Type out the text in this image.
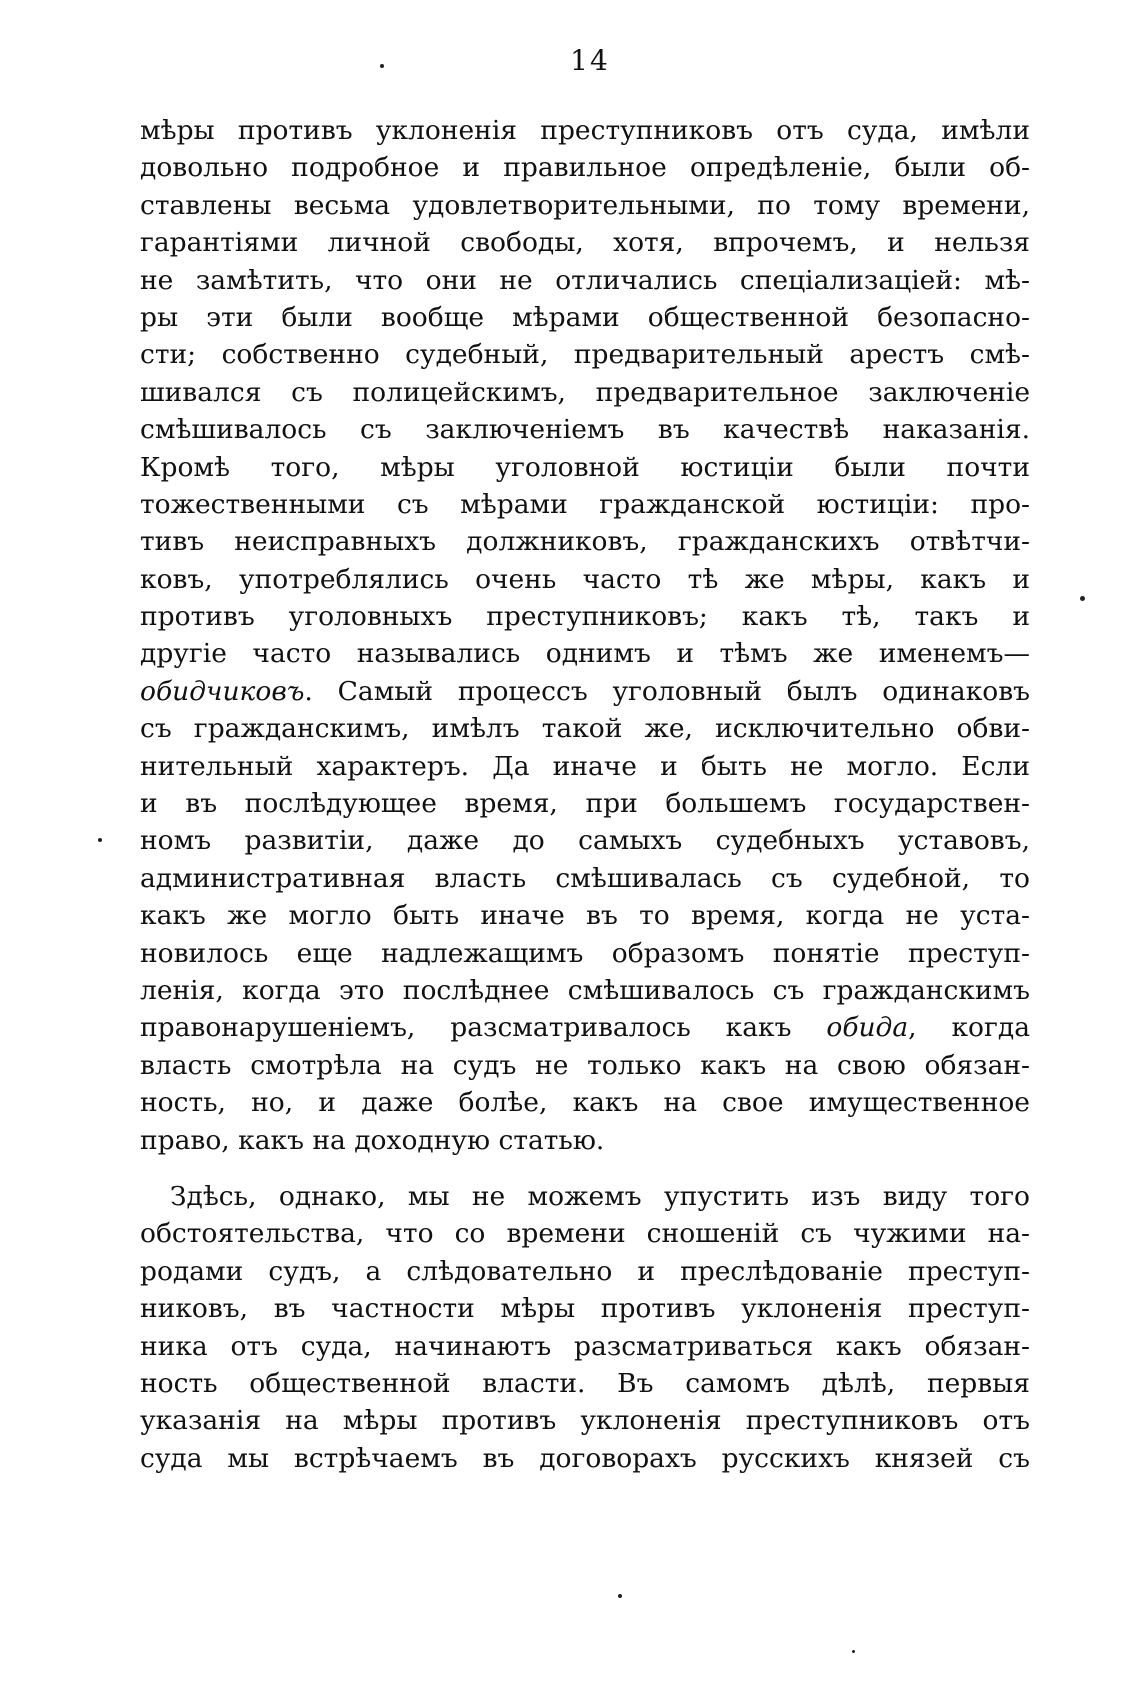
14
мѣры противъ уклоненія преступниковъ отъ суда, имѣли
довольно подробное и правильное опредѣленіе, были об-
ставлены весьма удовлетворительными, по тому времени,
гарантіями личной свободы, хотя, впрочемъ, и нельзя
не замѣтить, что они не отличались спеціализаціей: мѣ-
ры эти были вообще мѣрами общественной безопасно-
сти; собственно судебный, предварительный арестъ смѣ-
шивался съ полицейскимъ, предварительное заключеніе
смѣшивалось съ заключеніемъ въ качествѣ наказанія.
Кромѣ того, мѣры уголовной юстиціи были почти
тожественными съ мѣрами гражданской юстиціи: про-
тивъ неисправныхъ должниковъ, гражданскихъ отвѣтчи-
ковъ, употреблялись очень часто тѣ же мѣры, какъ и
противъ уголовныхъ преступниковъ; какъ тѣ, такъ и
другіе часто назывались однимъ и тѣмъ же именемъ—
обидчиковъ. Самый процессъ уголовный былъ одинаковъ
съ гражданскимъ, имѣлъ такой же, исключительно обви-
нительный характеръ. Да иначе и быть не могло. Если
и въ послѣдующее время, при большемъ государствен-
номъ развитіи, даже до самыхъ судебныхъ уставовъ,
административная власть смѣшивалась съ судебной, то
какъ же могло быть иначе въ то время, когда не уста-
новилось еще надлежащимъ образомъ понятіе преступ-
ленія, когда это послѣднее смѣшивалось съ гражданскимъ
правонарушеніемъ, разсматривалось какъ обида, когда
власть смотрѣла на судъ не только какъ на свою обязан-
ность, но, и даже болѣе, какъ на свое имущественное
право, какъ на доходную статью.
Здѣсь, однако, мы не можемъ упустить изъ виду того
обстоятельства, что со времени сношеній съ чужими на-
родами судъ, а слѣдовательно и преслѣдованіе преступ-
никовъ, въ частности мѣры противъ уклоненія преступ-
ника отъ суда, начинаютъ разсматриваться какъ обязан-
ность общественной власти. Въ самомъ дѣлѣ, первыя
указанія на мѣры противъ уклоненія преступниковъ отъ
суда мы встрѣчаемъ въ договорахъ русскихъ князей съ
